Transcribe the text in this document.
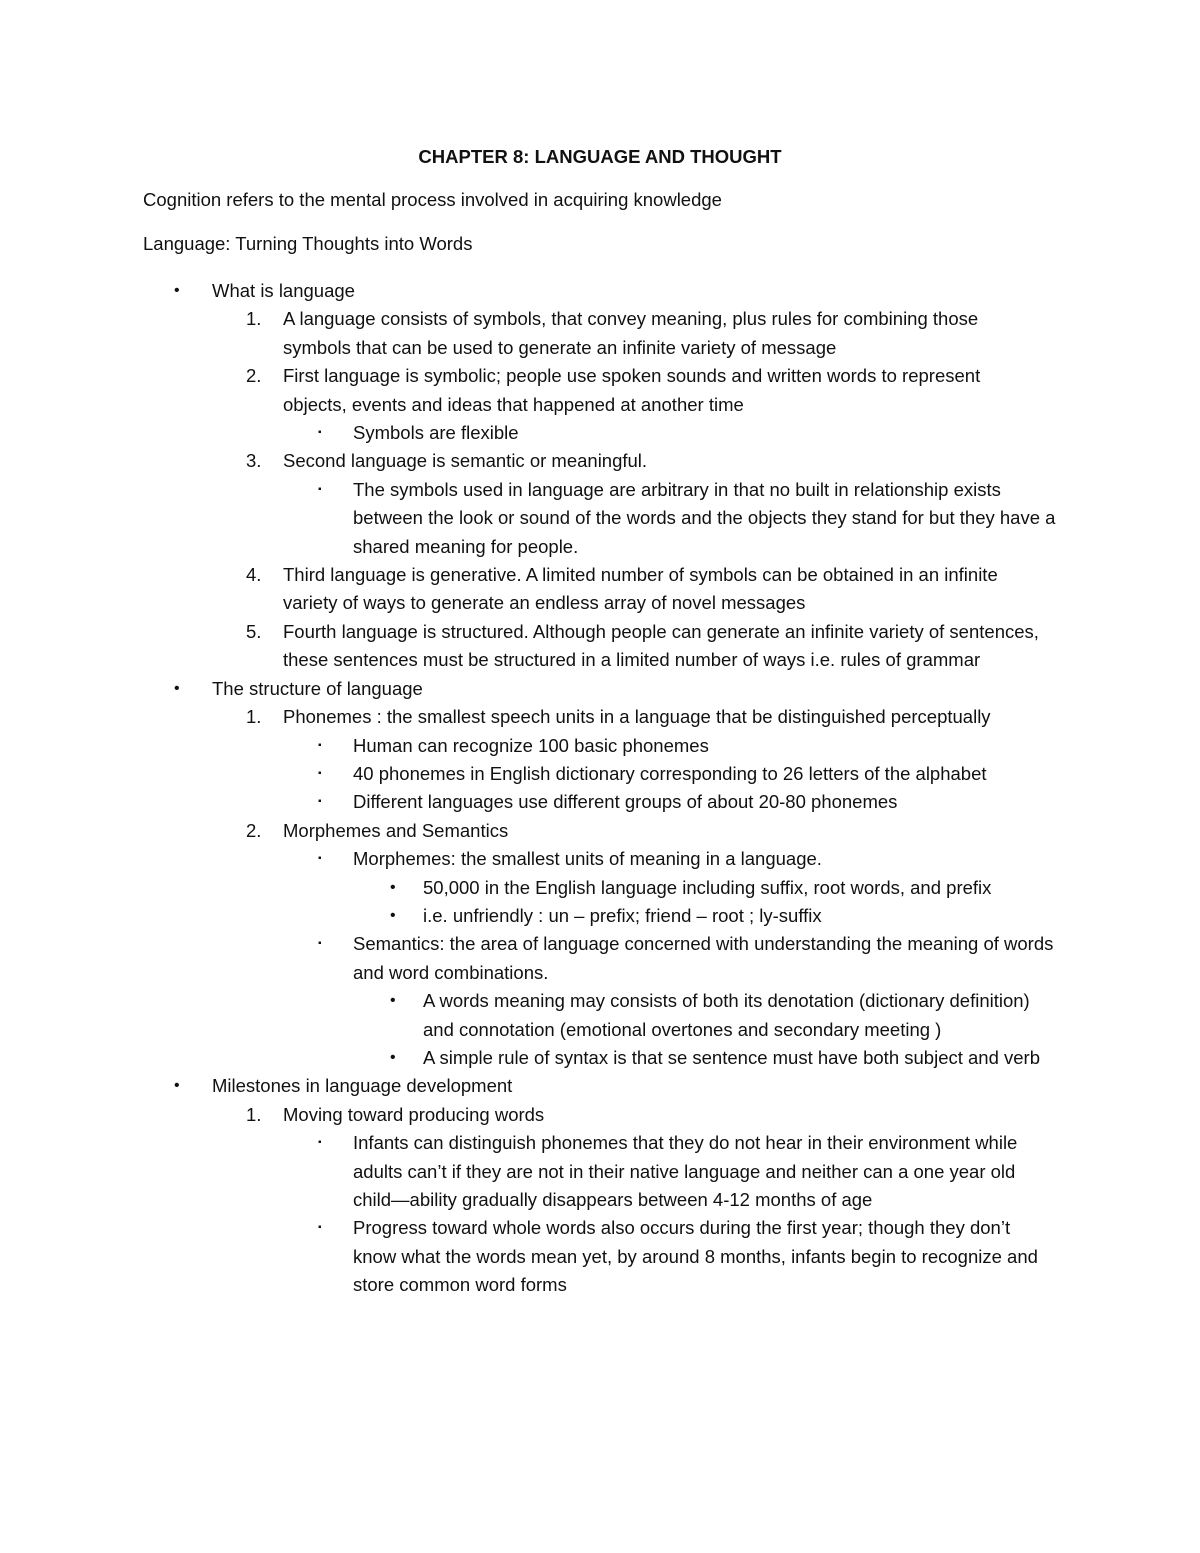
CHAPTER 8: LANGUAGE AND THOUGHT

Cognition refers to the mental process involved in acquiring knowledge

Language: Turning Thoughts into Words

• What is language
1. A language consists of symbols, that convey meaning, plus rules for combining those symbols that can be used to generate an infinite variety of message
2. First language is symbolic; people use spoken sounds and written words to represent objects, events and ideas that happened at another time
▪ Symbols are flexible
3. Second language is semantic or meaningful.
▪ The symbols used in language are arbitrary in that no built in relationship exists between the look or sound of the words and the objects they stand for but they have a shared meaning for people.
4. Third language is generative. A limited number of symbols can be obtained in an infinite variety of ways to generate an endless array of novel messages
5. Fourth language is structured. Although people can generate an infinite variety of sentences, these sentences must be structured in a limited number of ways i.e. rules of grammar
• The structure of language
1. Phonemes : the smallest speech units in a language that be distinguished perceptually
▪ Human can recognize 100 basic phonemes
▪ 40 phonemes in English dictionary corresponding to 26 letters of the alphabet
▪ Different languages use different groups of about 20-80 phonemes
2. Morphemes and Semantics
▪ Morphemes: the smallest units of meaning in a language.
• 50,000 in the English language including suffix, root words, and prefix
• i.e. unfriendly : un – prefix; friend – root ; ly-suffix
▪ Semantics: the area of language concerned with understanding the meaning of words and word combinations.
• A words meaning may consists of both its denotation (dictionary definition) and connotation (emotional overtones and secondary meeting )
• A simple rule of syntax is that se sentence must have both subject and verb
• Milestones in language development
1. Moving toward producing words
▪ Infants can distinguish phonemes that they do not hear in their environment while adults can’t if they are not in their native language and neither can a one year old child—ability gradually disappears between 4-12 months of age
▪ Progress toward whole words also occurs during the first year; though they don’t know what the words mean yet, by around 8 months, infants begin to recognize and store common word forms
